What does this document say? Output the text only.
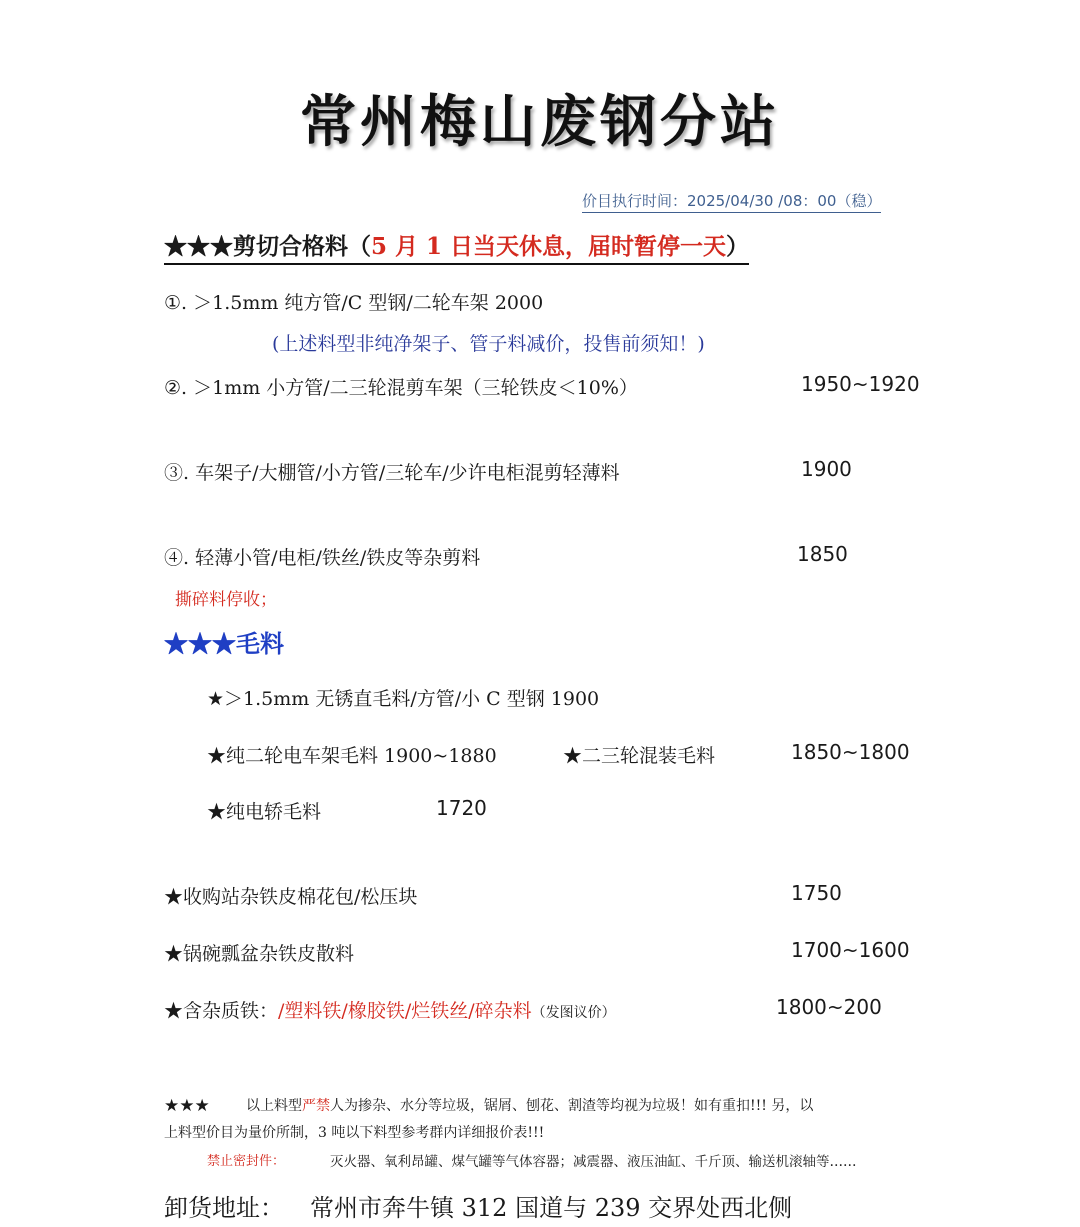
常州梅山废钢分站
价目执行时间：2025/04/30 /08：00（稳）
★★★剪切合格料（5 月 1 日当天休息，届时暂停一天）
①. ＞1.5mm 纯方管/C 型钢/二轮车架 2000
(上述料型非纯净架子、管子料减价，投售前须知！)
②. ＞1mm 小方管/二三轮混剪车架（三轮铁皮＜10%）	1950~1920
③. 车架子/大棚管/小方管/三轮车/少许电柜混剪轻薄料	1900
④. 轻薄小管/电柜/铁丝/铁皮等杂剪料	1850
撕碎料停收；
★★★毛料
★＞1.5mm 无锈直毛料/方管/小 C 型钢 1900
★纯二轮电车架毛料 1900~1880	★二三轮混装毛料	1850~1800
★纯电轿毛料	1720
★收购站杂铁皮棉花包/松压块	1750
★锅碗瓢盆杂铁皮散料	1700~1600
★含杂质铁：/塑料铁/橡胶铁/烂铁丝/碎杂料（发图议价）	1800~200
★★★	以上料型严禁人为掺杂、水分等垃圾，锯屑、刨花、割渣等均视为垃圾！如有重扣!!! 另，以
上料型价目为量价所制，3 吨以下料型参考群内详细报价表!!!
禁止密封件：	灭火器、氧利昂罐、煤气罐等气体容器；减震器、液压油缸、千斤顶、输送机滚轴等……
卸货地址： 常州市奔牛镇 312 国道与 239 交界处西北侧
